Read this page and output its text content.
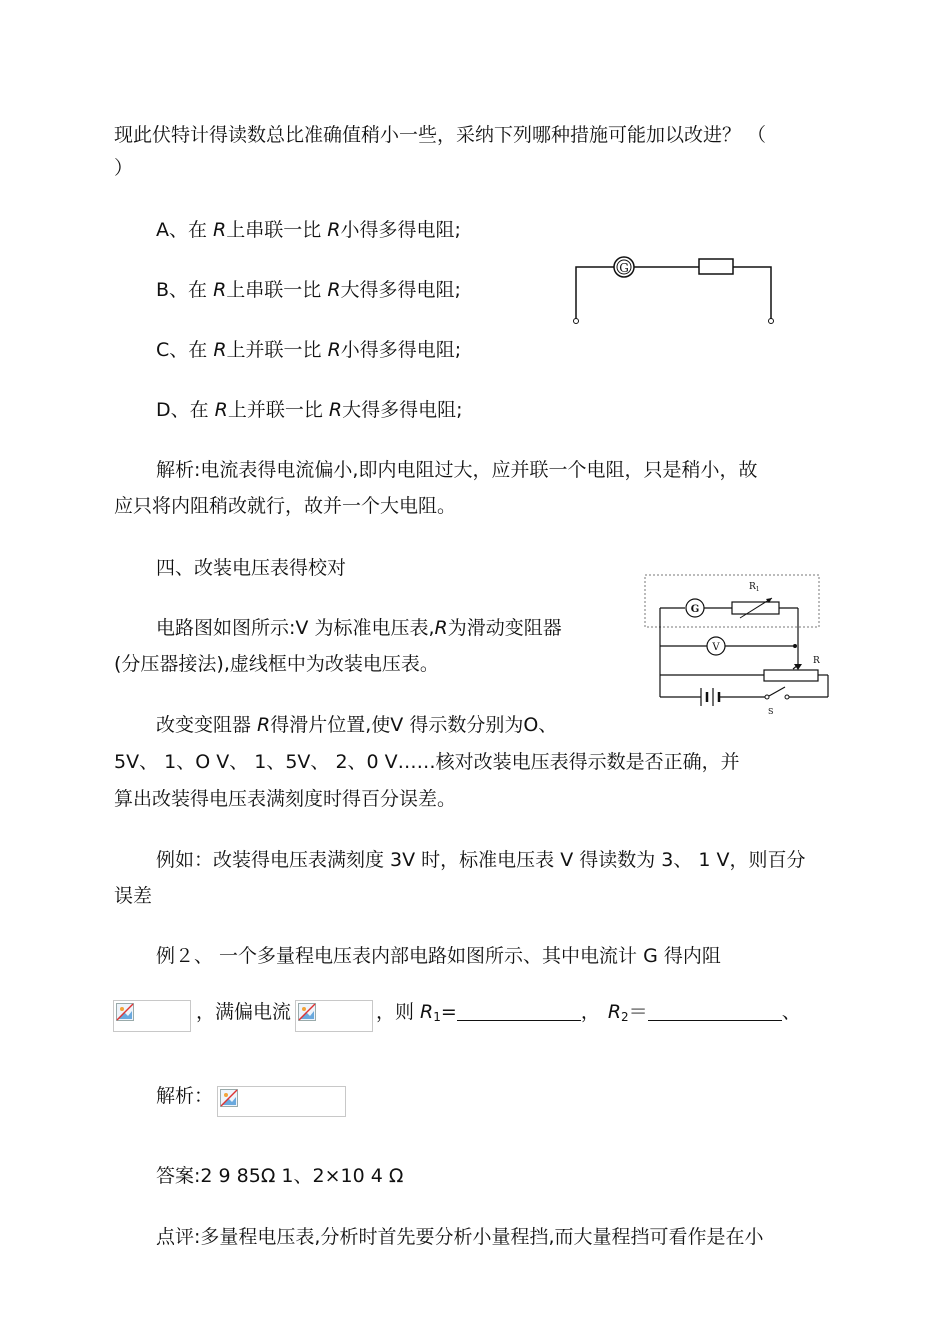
现此伏特计得读数总比准确值稍小一些，采纳下列哪种措施可能加以改进？ （
）
A、在 R上串联一比 R小得多得电阻;
B、在 R上串联一比 R大得多得电阻;
C、在 R上并联一比 R小得多得电阻;
D、在 R上并联一比 R大得多得电阻;
G
解析:电流表得电流偏小,即内电阻过大，应并联一个电阻，只是稍小，故
应只将内阻稍改就行，故并一个大电阻。
四、改装电压表得校对
G
$R_1$
V
R
S
电路图如图所示:V 为标准电压表,R为滑动变阻器
(分压器接法),虚线框中为改装电压表。
改变变阻器 R得滑片位置,使V 得示数分别为O、
5V、 1、O V、 1、5V、 2、0 V……核对改装电压表得示数是否正确，并
算出改装得电压表满刻度时得百分误差。
例如：改装得电压表满刻度 3V 时，标准电压表 V 得读数为 3、 1 V，则百分
误差
例２、 一个多量程电压表内部电路如图所示、其中电流计 G 得内阻
，满偏电流	，则 $R_1=$	， $R_2=$	、
解析：
答案:2 9 85Ω 1、2×10 4 Ω
点评:多量程电压表,分析时首先要分析小量程挡,而大量程挡可看作是在小
